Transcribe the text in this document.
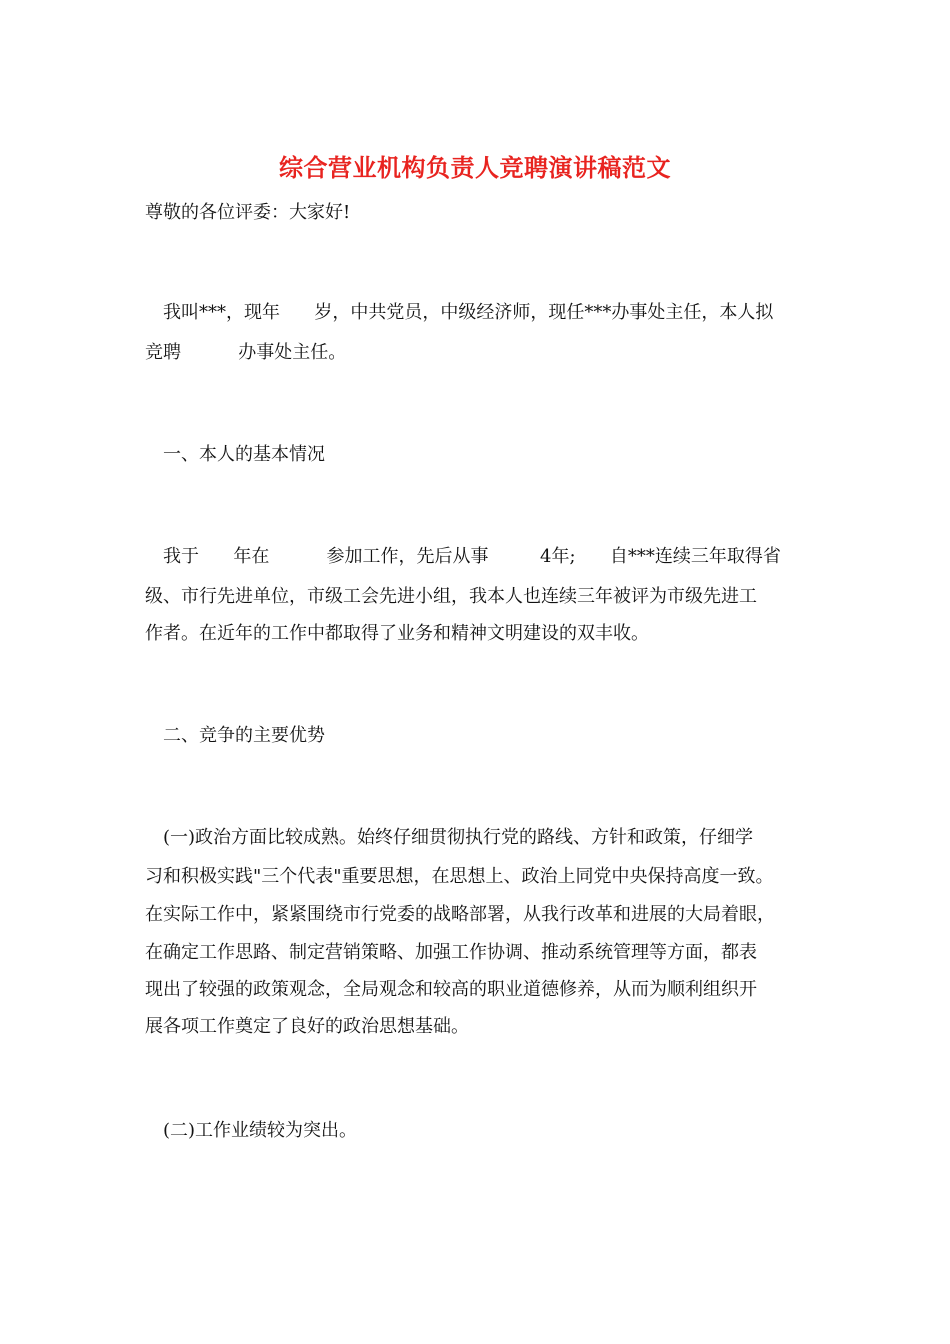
综合营业机构负责人竞聘演讲稿范文
尊敬的各位评委：大家好!
我叫***，现年      岁，中共党员，中级经济师，现任***办事处主任，本人拟
竞聘          办事处主任。
一、本人的基本情况
我于      年在          参加工作，先后从事         4年;      自***连续三年取得省
级、市行先进单位，市级工会先进小组，我本人也连续三年被评为市级先进工
作者。在近年的工作中都取得了业务和精神文明建设的双丰收。
二、竞争的主要优势
(一)政治方面比较成熟。始终仔细贯彻执行党的路线、方针和政策，仔细学
习和积极实践"三个代表"重要思想，在思想上、政治上同党中央保持高度一致。
在实际工作中，紧紧围绕市行党委的战略部署，从我行改革和进展的大局着眼，
在确定工作思路、制定营销策略、加强工作协调、推动系统管理等方面，都表
现出了较强的政策观念，全局观念和较高的职业道德修养，从而为顺利组织开
展各项工作奠定了良好的政治思想基础。
(二)工作业绩较为突出。
